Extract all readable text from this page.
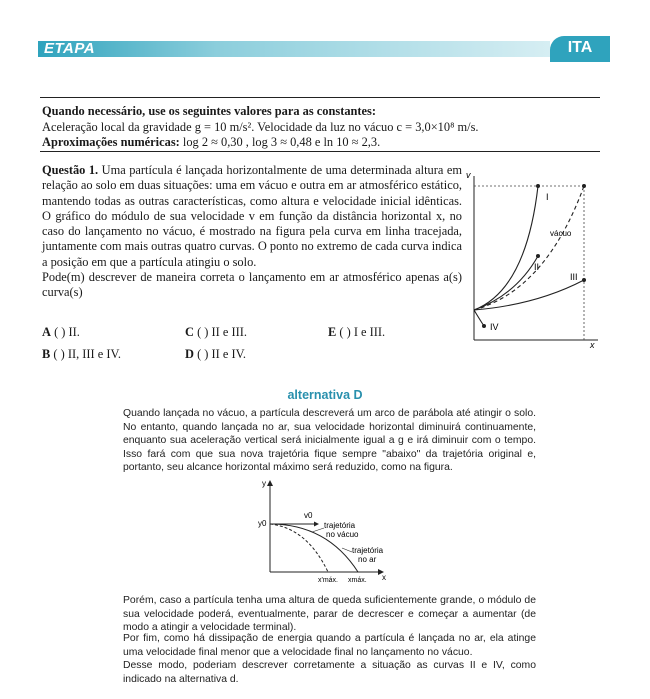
ETAPA	ITA
Quando necessário, use os seguintes valores para as constantes:
Aceleração local da gravidade g = 10 m/s². Velocidade da luz no vácuo c = 3,0×10⁸ m/s.
Aproximações numéricas: log 2 ≈ 0,30 , log 3 ≈ 0,48 e ln 10 ≈ 2,3.
Questão 1. Uma partícula é lançada horizontalmente de uma determinada altura em relação ao solo em duas situações: uma em vácuo e outra em ar atmosférico estático, mantendo todas as outras características, como altura e velocidade inicial idênticas. O gráfico do módulo de sua velocidade v em função da distância horizontal x, no caso do lançamento no vácuo, é mostrado na figura pela curva em linha tracejada, juntamente com mais outras quatro curvas. O ponto no extremo de cada curva indica a posição em que a partícula atingiu o solo.
Pode(m) descrever de maneira correta o lançamento em ar atmosférico apenas a(s) curva(s)
A ( ) II.	C ( ) II e III.	E ( ) I e III.
B ( ) II, III e IV.	D ( ) II e IV.
v
x
I
vácuo
II
III
IV
alternativa D
Quando lançada no vácuo, a partícula descreverá um arco de parábola até atingir o solo. No entanto, quando lançada no ar, sua velocidade horizontal diminuirá continuamente, enquanto sua aceleração vertical será inicialmente igual a g e irá diminuir com o tempo. Isso fará com que sua nova trajetória fique sempre "abaixo" da trajetória original e, portanto, seu alcance horizontal máximo será reduzido, como na figura.
y
x
y0
v0
trajetória
no vácuo
trajetória
no ar
x'máx. xmáx.
Porém, caso a partícula tenha uma altura de queda suficientemente grande, o módulo de sua velocidade poderá, eventualmente, parar de decrescer e começar a aumentar (de modo a atingir a velocidade terminal).
Por fim, como há dissipação de energia quando a partícula é lançada no ar, ela atinge uma velocidade final menor que a velocidade final no lançamento no vácuo.
Desse modo, poderiam descrever corretamente a situação as curvas II e IV, como indicado na alternativa d.
